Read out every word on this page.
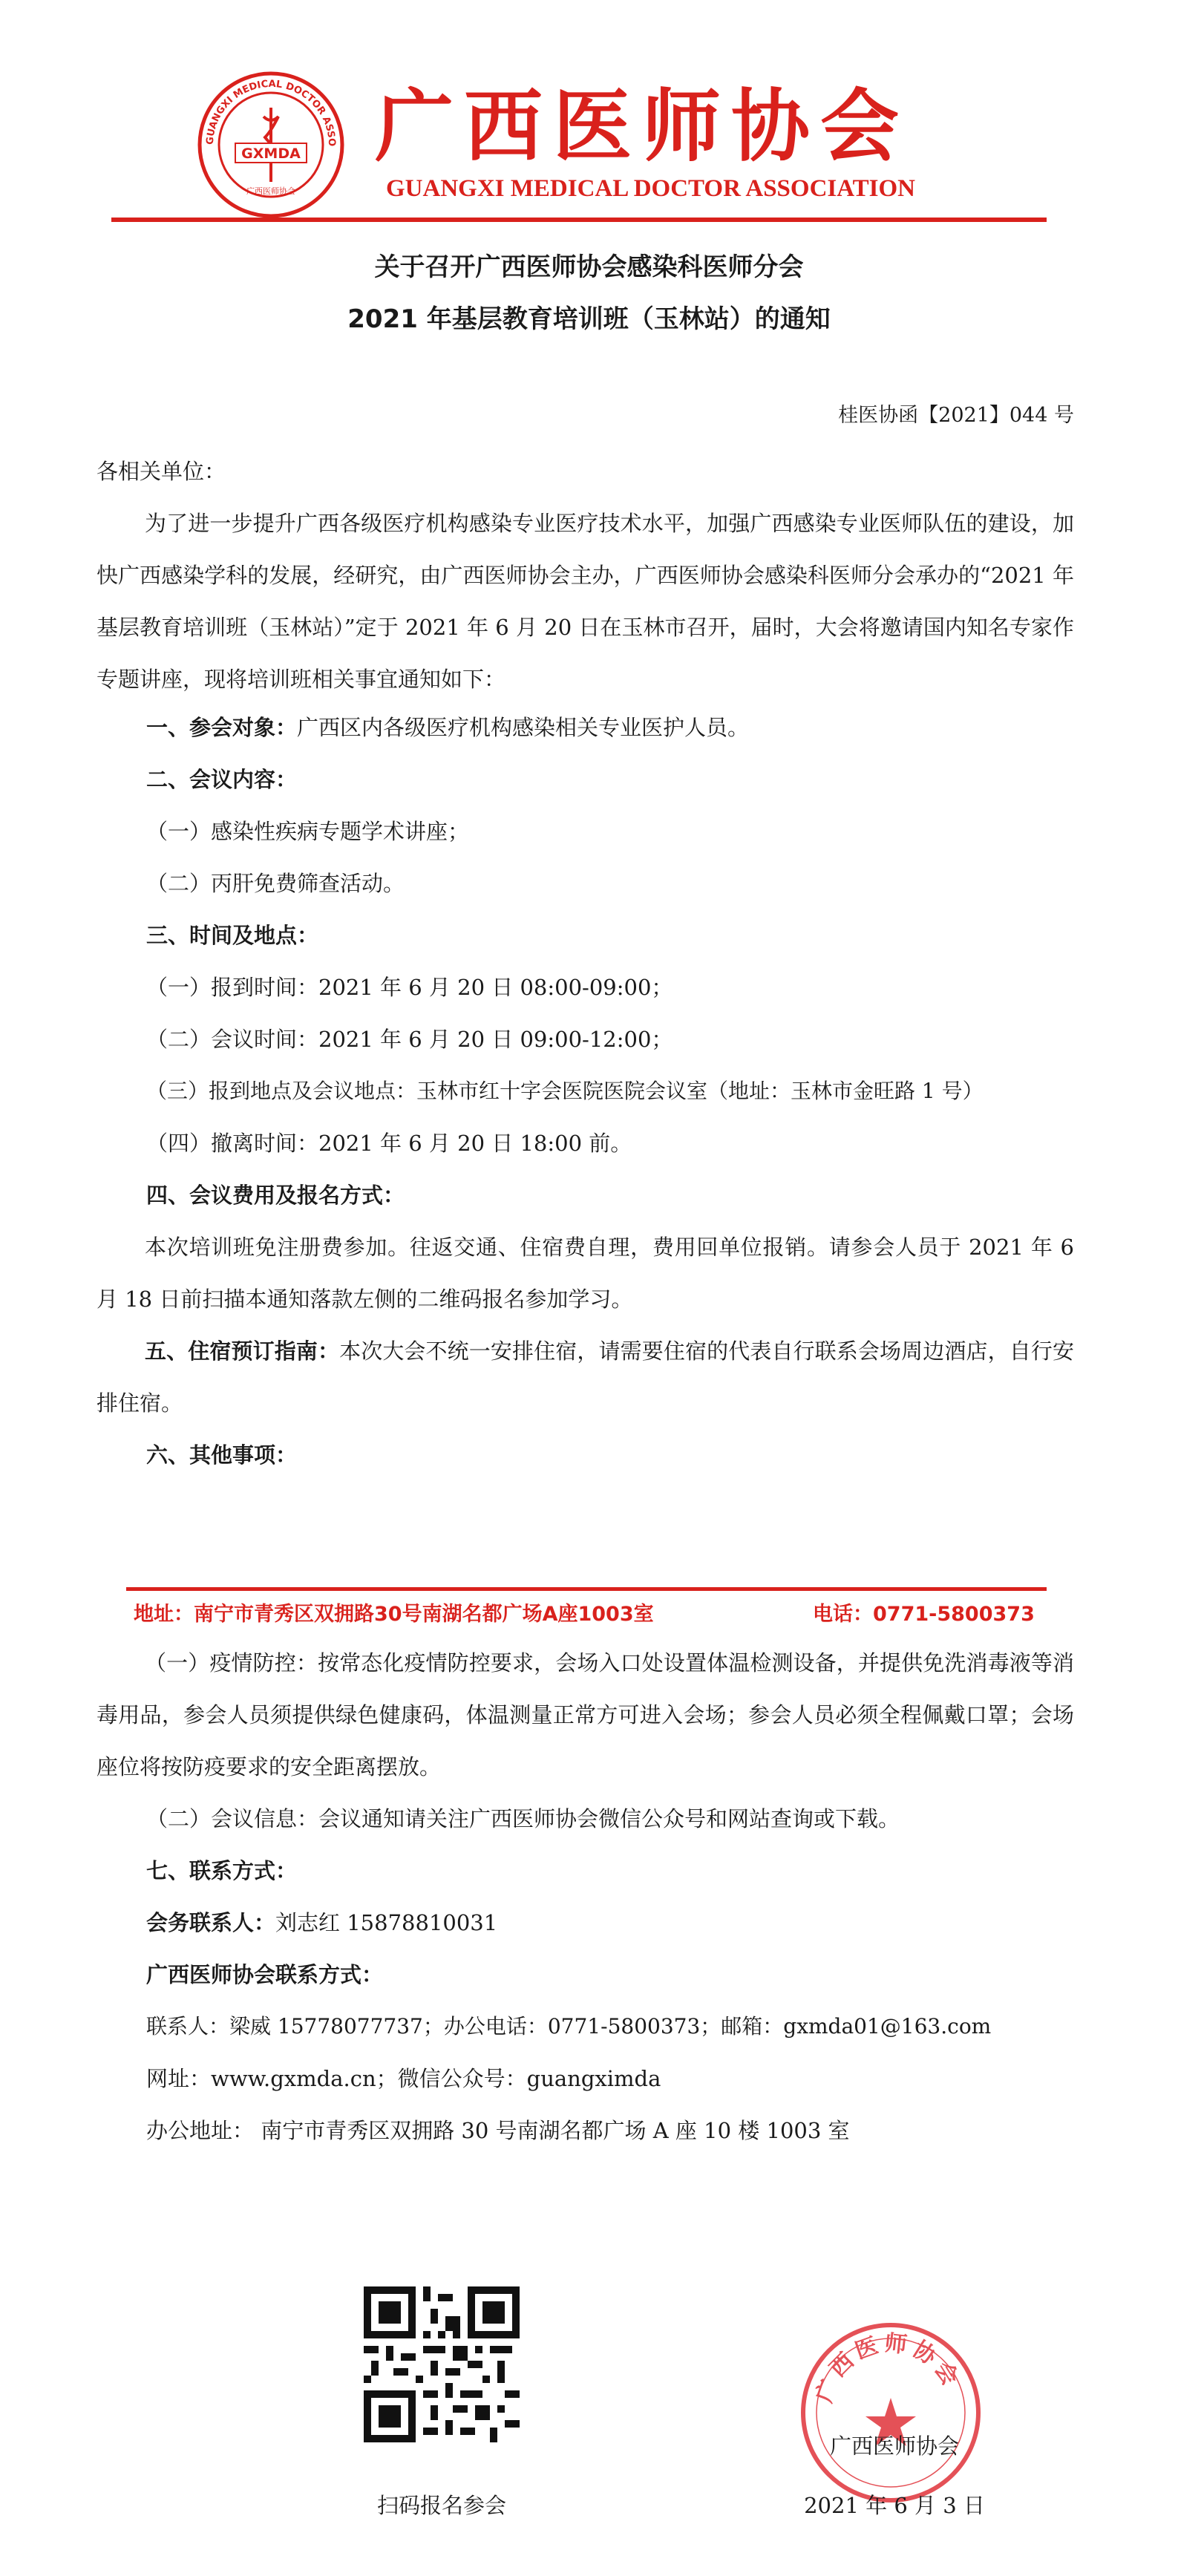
GUANGXI MEDICAL DOCTOR ASSO
GXMDA
广西医师协会
广西医师协会
GUANGXI MEDICAL DOCTOR ASSOCIATION
关于召开广西医师协会感染科医师分会
2021 年基层教育培训班（玉林站）的通知
桂医协函【2021】044 号
各相关单位：
为了进一步提升广西各级医疗机构感染专业医疗技术水平，加强广西感染专业医师队伍的建设，加快广西感染学科的发展，经研究，由广西医师协会主办，广西医师协会感染科医师分会承办的“2021 年基层教育培训班（玉林站）”定于 2021 年 6 月 20 日在玉林市召开，届时，大会将邀请国内知名专家作专题讲座，现将培训班相关事宜通知如下：
一、参会对象：广西区内各级医疗机构感染相关专业医护人员。
二、会议内容：
（一）感染性疾病专题学术讲座；
（二）丙肝免费筛查活动。
三、时间及地点：
（一）报到时间：2021 年 6 月 20 日 08:00-09:00；
（二）会议时间：2021 年 6 月 20 日 09:00-12:00；
（三）报到地点及会议地点：玉林市红十字会医院医院会议室（地址：玉林市金旺路 1 号）
（四）撤离时间：2021 年 6 月 20 日 18:00 前。
四、会议费用及报名方式：
本次培训班免注册费参加。往返交通、住宿费自理，费用回单位报销。请参会人员于 2021 年 6 月 18 日前扫描本通知落款左侧的二维码报名参加学习。
五、住宿预订指南：本次大会不统一安排住宿，请需要住宿的代表自行联系会场周边酒店，自行安排住宿。
六、其他事项：
地址：南宁市青秀区双拥路30号南湖名都广场A座1003室	电话：0771-5800373
（一）疫情防控：按常态化疫情防控要求，会场入口处设置体温检测设备，并提供免洗消毒液等消毒用品，参会人员须提供绿色健康码，体温测量正常方可进入会场；参会人员必须全程佩戴口罩；会场座位将按防疫要求的安全距离摆放。
（二）会议信息：会议通知请关注广西医师协会微信公众号和网站查询或下载。
七、联系方式：
会务联系人：刘志红 15878810031
广西医师协会联系方式：
联系人：梁威 15778077737；办公电话：0771-5800373；邮箱：gxmda01@163.com
网址：www.gxmda.cn；微信公众号：guangximda
办公地址： 南宁市青秀区双拥路 30 号南湖名都广场 A 座 10 楼 1003 室
扫码报名参会
广西医师协会
广西医师协会
2021 年 6 月 3 日
